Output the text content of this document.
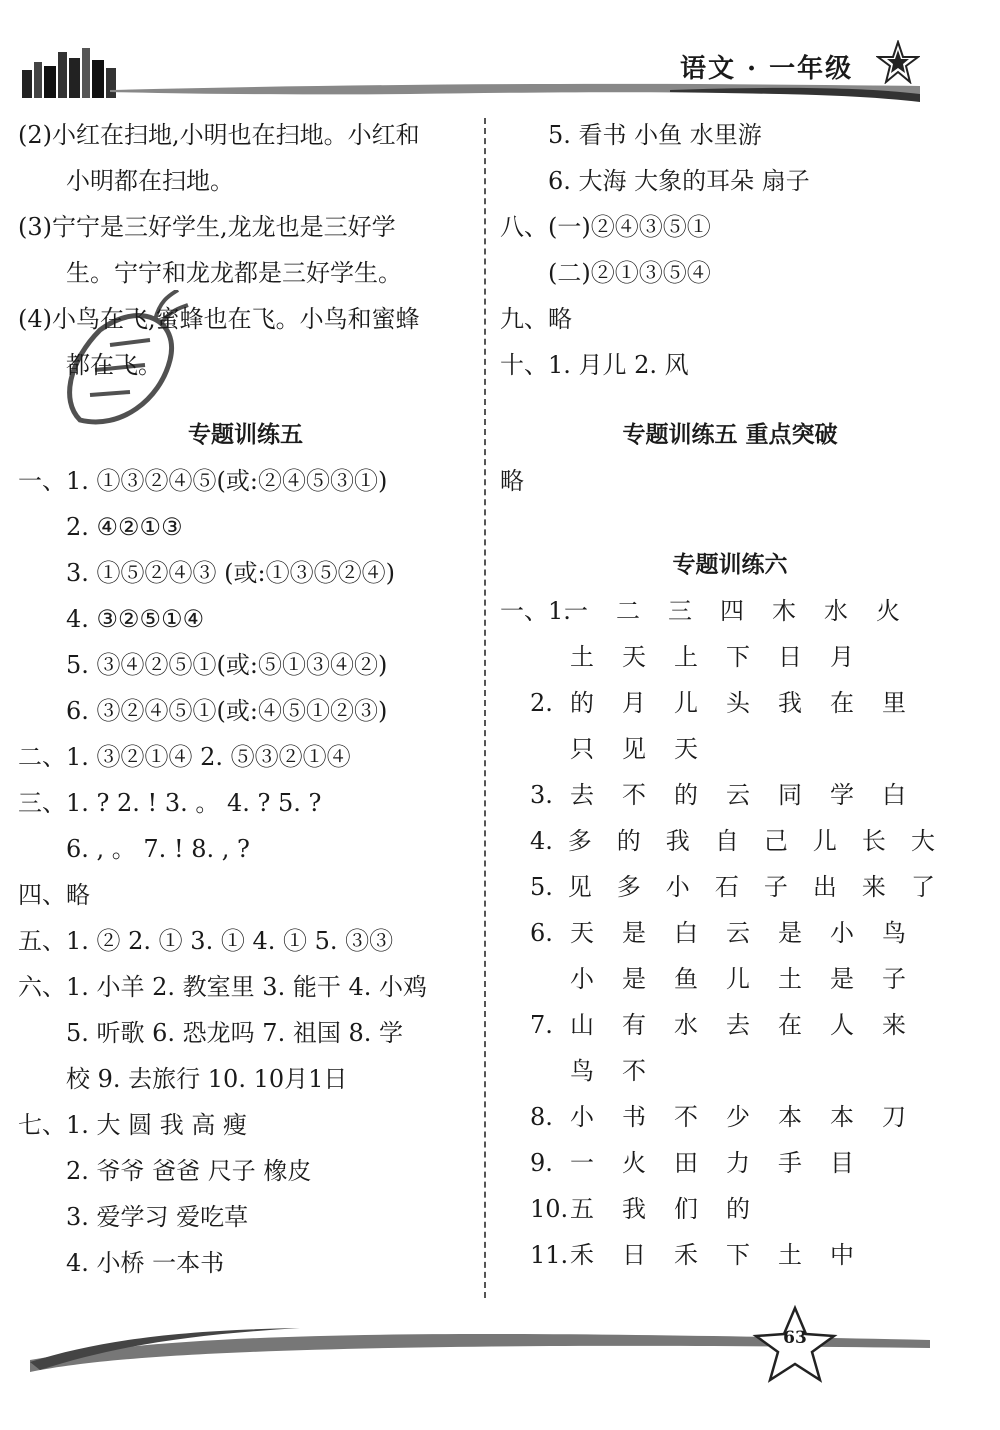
语文 · 一年级
(2)小红在扫地,小明也在扫地。小红和
小明都在扫地。
(3)宁宁是三好学生,龙龙也是三好学
生。宁宁和龙龙都是三好学生。
(4)小鸟在飞,蜜蜂也在飞。小鸟和蜜蜂
都在飞。
专题训练五
一、1. ①③②④⑤(或:②④⑤③①)
2. ④②①③
3. ①⑤②④③ (或:①③⑤②④)
4. ③②⑤①④
5. ③④②⑤①(或:⑤①③④②)
6. ③②④⑤①(或:④⑤①②③)
二、1. ③②①④ 2. ⑤③②①④
三、1. ? 2. ! 3. 。 4. ? 5. ?
6. , 。 7. ! 8. , ?
四、略
五、1. ② 2. ① 3. ① 4. ① 5. ③③
六、1. 小羊 2. 教室里 3. 能干 4. 小鸡
5. 听歌 6. 恐龙吗 7. 祖国 8. 学
校 9. 去旅行 10. 10月1日
七、1. 大 圆 我 高 瘦
2. 爷爷 爸爸 尺子 橡皮
3. 爱学习 爱吃草
4. 小桥 一本书
5. 看书 小鱼 水里游
6. 大海 大象的耳朵 扇子
八、(一)②④③⑤①
(二)②①③⑤④
九、略
十、1. 月儿 2. 风
专题训练五 重点突破
略
专题训练六
一、1.
一	二	三	四	木	水	火
土	天	上	下	日	月
2. 的	月	儿	头	我	在	里
只	见	天
3. 去	不	的	云	同	学	白
4. 多	的	我	自	己	儿	长	大
5. 见	多	小	石	子	出	来	了
6. 天	是	白	云	是	小	鸟
小	是	鱼	儿	土	是	子
7. 山	有	水	去	在	人	来
鸟	不
8. 小	书	不	少	本	本	刀
9. 一	火	田	力	手	目
10. 五	我	们	的
11. 禾	日	禾	下	土	中
63
